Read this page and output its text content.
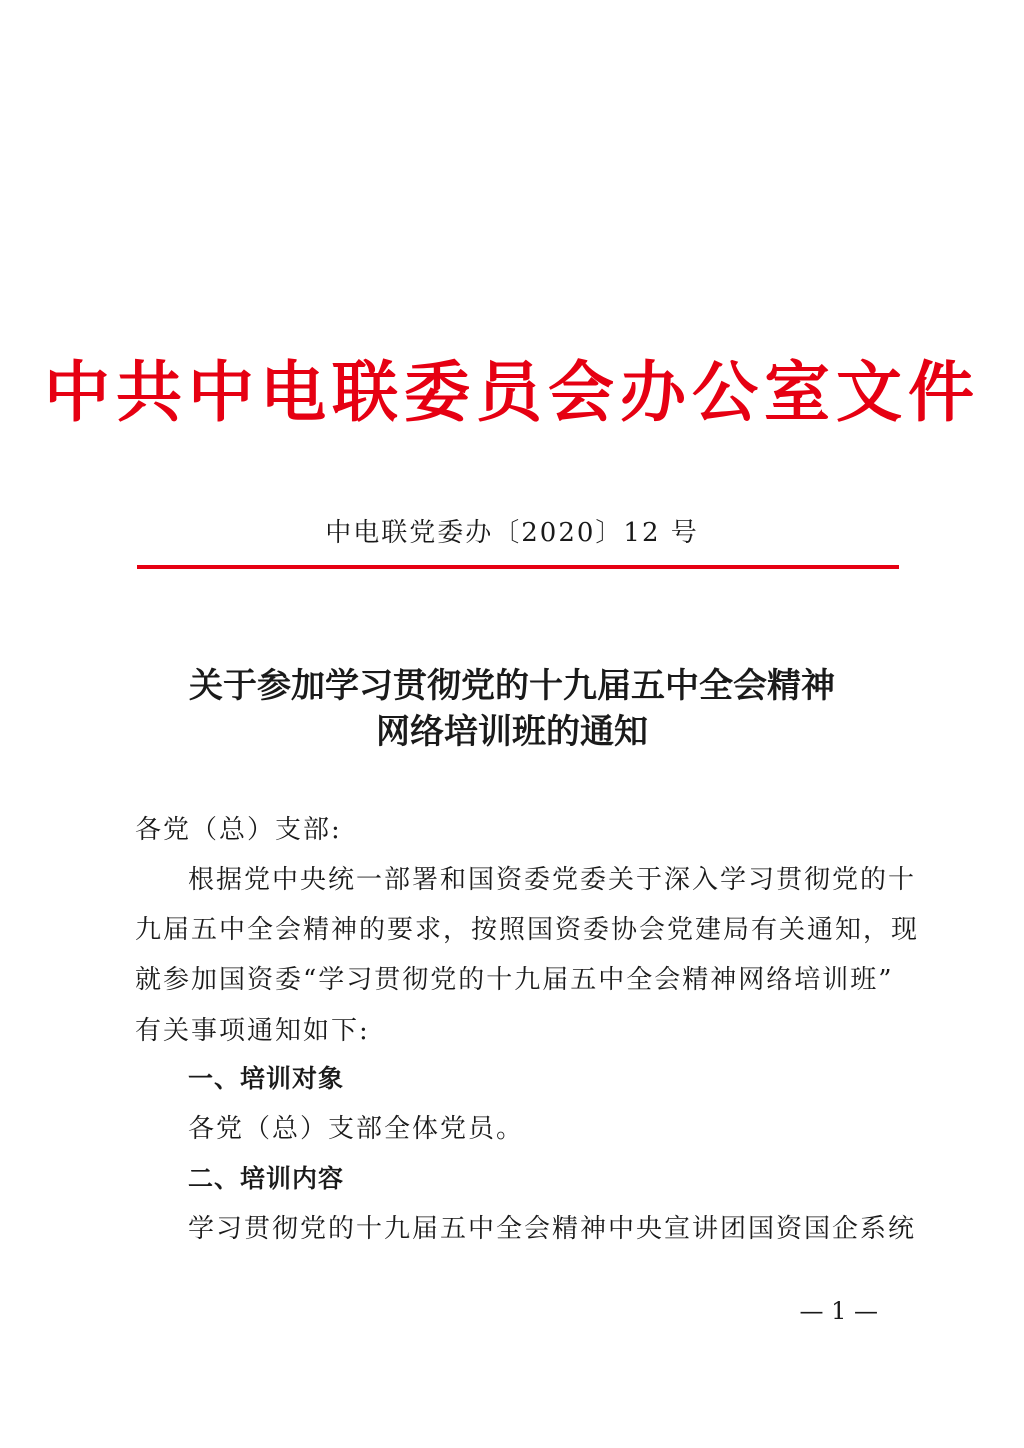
中共中电联委员会办公室文件
中电联党委办〔2020〕12 号
关于参加学习贯彻党的十九届五中全会精神
网络培训班的通知
各党（总）支部:
根据党中央统一部署和国资委党委关于深入学习贯彻党的十
九届五中全会精神的要求，按照国资委协会党建局有关通知，现
就参加国资委“学习贯彻党的十九届五中全会精神网络培训班”
有关事项通知如下:
一、培训对象
各党（总）支部全体党员。
二、培训内容
学习贯彻党的十九届五中全会精神中央宣讲团国资国企系统
— 1 —
